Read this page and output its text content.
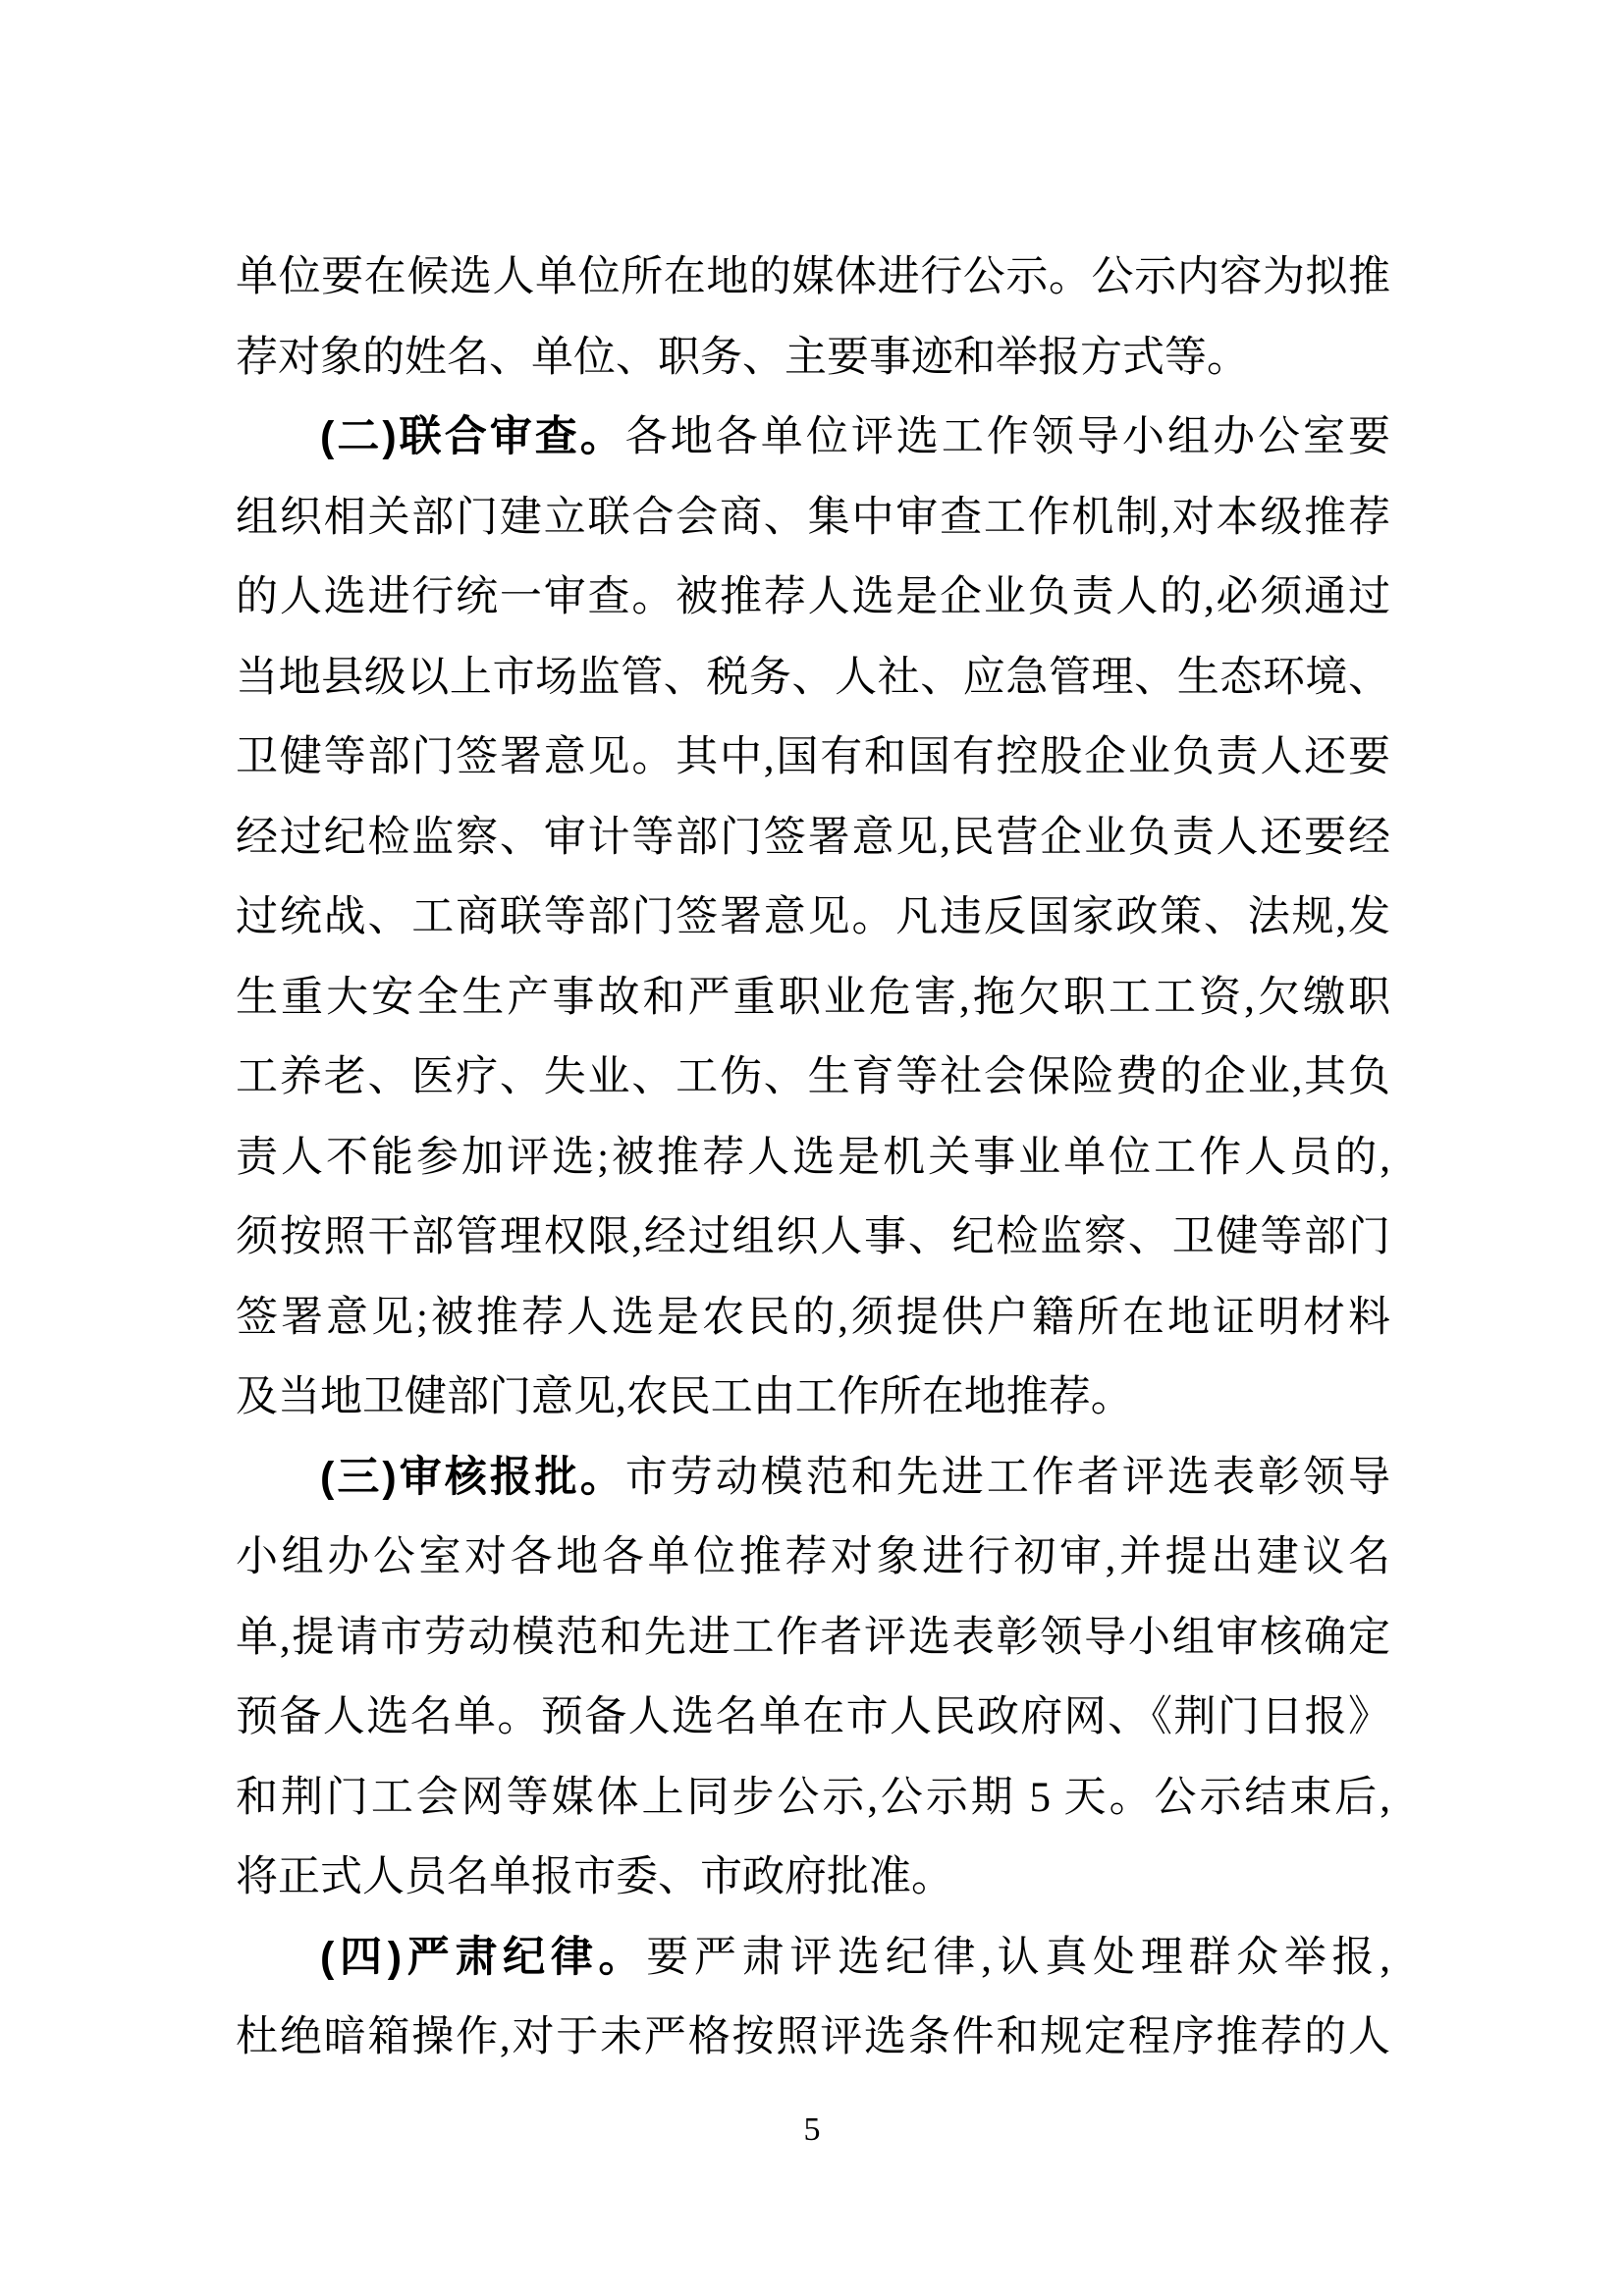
单位要在候选人单位所在地的媒体进行公示。公示内容为拟推
荐对象的姓名、单位、职务、主要事迹和举报方式等。
(二)联合审查。各地各单位评选工作领导小组办公室要
组织相关部门建立联合会商、集中审查工作机制,对本级推荐
的人选进行统一审查。被推荐人选是企业负责人的,必须通过
当地县级以上市场监管、税务、人社、应急管理、生态环境、
卫健等部门签署意见。其中,国有和国有控股企业负责人还要
经过纪检监察、审计等部门签署意见,民营企业负责人还要经
过统战、工商联等部门签署意见。凡违反国家政策、法规,发
生重大安全生产事故和严重职业危害,拖欠职工工资,欠缴职
工养老、医疗、失业、工伤、生育等社会保险费的企业,其负
责人不能参加评选;被推荐人选是机关事业单位工作人员的,
须按照干部管理权限,经过组织人事、纪检监察、卫健等部门
签署意见;被推荐人选是农民的,须提供户籍所在地证明材料
及当地卫健部门意见,农民工由工作所在地推荐。
(三)审核报批。市劳动模范和先进工作者评选表彰领导
小组办公室对各地各单位推荐对象进行初审,并提出建议名
单,提请市劳动模范和先进工作者评选表彰领导小组审核确定
预备人选名单。预备人选名单在市人民政府网、《荆门日报》
和荆门工会网等媒体上同步公示,公示期 5 天。公示结束后,
将正式人员名单报市委、市政府批准。
(四)严肃纪律。要严肃评选纪律,认真处理群众举报,
杜绝暗箱操作,对于未严格按照评选条件和规定程序推荐的人
5
